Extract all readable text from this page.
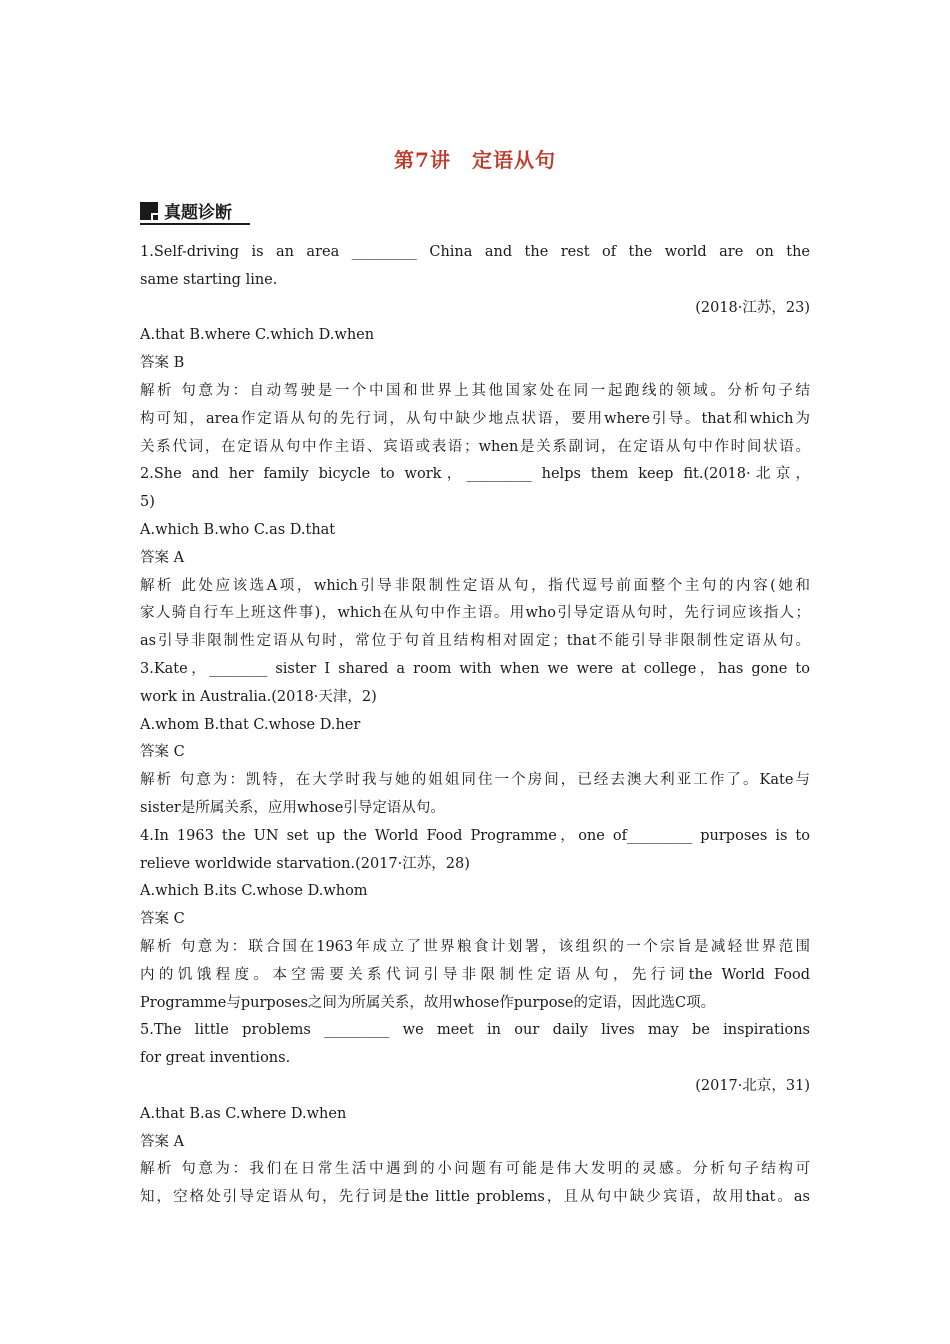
第7讲　定语从句
真题诊断
1.Self-driving is an area _________ China and the rest of the world are on the
same starting line.
(2018·江苏，23)
A.that B.where C.which D.when
答案 B
解析 句意为：自动驾驶是一个中国和世界上其他国家处在同一起跑线的领域。分析句子结
构可知，area作定语从句的先行词，从句中缺少地点状语，要用where引导。that和which为
关系代词，在定语从句中作主语、宾语或表语；when是关系副词，在定语从句中作时间状语。
2.She and her family bicycle to work，_________ helps them keep fit.(2018·北京，
5)
A.which B.who C.as D.that
答案 A
解析 此处应该选A项，which引导非限制性定语从句，指代逗号前面整个主句的内容(她和
家人骑自行车上班这件事)，which在从句中作主语。用who引导定语从句时，先行词应该指人；
as引导非限制性定语从句时，常位于句首且结构相对固定；that不能引导非限制性定语从句。
3.Kate，________ sister I shared a room with when we were at college，has gone to
work in Australia.(2018·天津，2)
A.whom B.that C.whose D.her
答案 C
解析 句意为：凯特，在大学时我与她的姐姐同住一个房间，已经去澳大利亚工作了。Kate与
sister是所属关系，应用whose引导定语从句。
4.In 1963 the UN set up the World Food Programme，one of_________ purposes is to
relieve worldwide starvation.(2017·江苏，28)
A.which B.its C.whose D.whom
答案 C
解析 句意为：联合国在1963年成立了世界粮食计划署，该组织的一个宗旨是减轻世界范围
内的饥饿程度。本空需要关系代词引导非限制性定语从句，先行词the World Food
Programme与purposes之间为所属关系，故用whose作purpose的定语，因此选C项。
5.The little problems _________ we meet in our daily lives may be inspirations
for great inventions.
(2017·北京，31)
A.that B.as C.where D.when
答案 A
解析 句意为：我们在日常生活中遇到的小问题有可能是伟大发明的灵感。分析句子结构可
知，空格处引导定语从句，先行词是the little problems，且从句中缺少宾语，故用that。as
